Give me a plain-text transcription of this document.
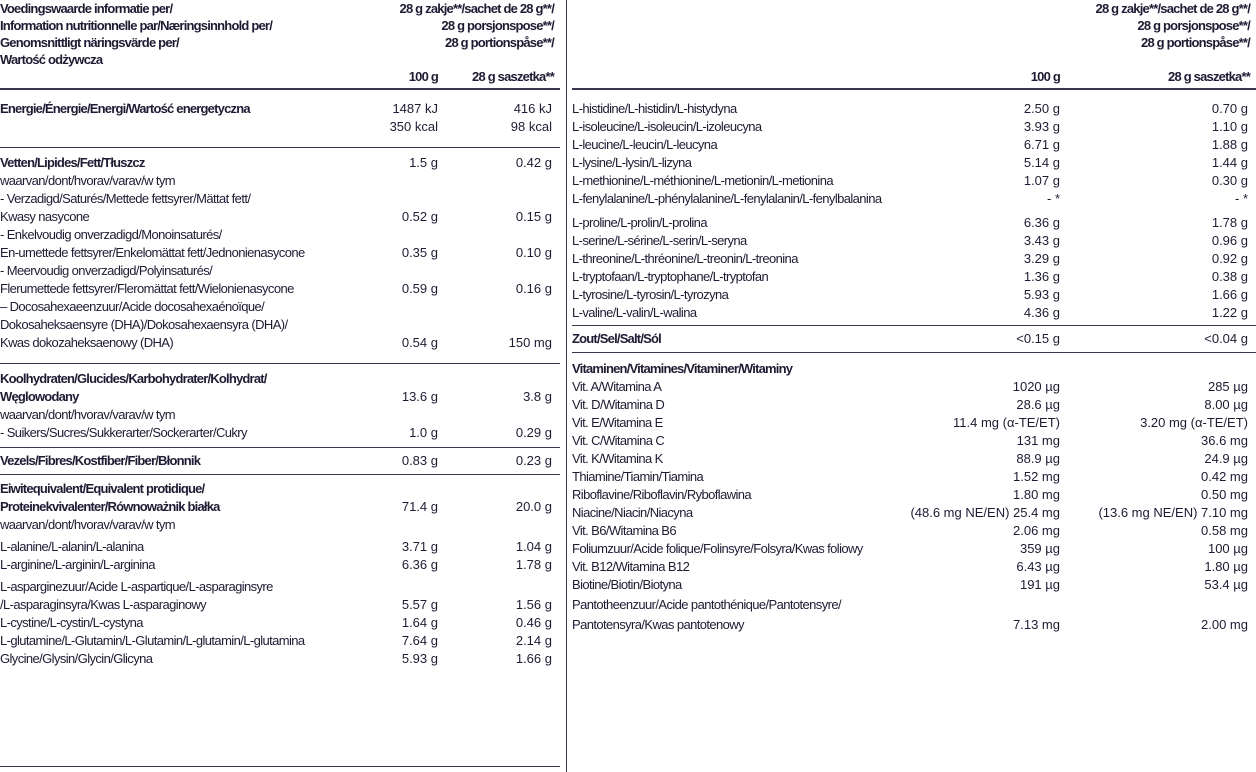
Voedingswaarde informatie per/
Information nutritionnelle par/Næringsinnhold per/
Genomsnittligt näringsvärde per/
Wartość odżywcza
28 g zakje**/sachet de 28 g**/
28 g porsjonspose**/
28 g portionspåse**/
100 g	28 g saszetka**
Energie/Énergie/Energi/Wartość energetyczna	1487 kJ	416 kJ
350 kcal	98 kcal
Vetten/Lipides/Fett/Tłuszcz	1.5 g	0.42 g
waarvan/dont/hvorav/varav/w tym
- Verzadigd/Saturés/Mettede fettsyrer/Mättat fett/
Kwasy nasycone	0.52 g	0.15 g
- Enkelvoudig onverzadigd/Monoinsaturés/
En-umettede fettsyrer/Enkelomättat fett/Jednonienasycone	0.35 g	0.10 g
- Meervoudig onverzadigd/Polyinsaturés/
Flerumettede fettsyrer/Fleromättat fett/Wielonienasycone	0.59 g	0.16 g
– Docosahexaeenzuur/Acide docosahexaénoïque/
Dokosaheksaensyre (DHA)/Dokosahexaensyra (DHA)/
Kwas dokozaheksaenowy (DHA)	0.54 g	150 mg
Koolhydraten/Glucides/Karbohydrater/Kolhydrat/
Węglowodany	13.6 g	3.8 g
waarvan/dont/hvorav/varav/w tym
- Suikers/Sucres/Sukkerarter/Sockerarter/Cukry	1.0 g	0.29 g
Vezels/Fibres/Kostfiber/Fiber/Błonnik	0.83 g	0.23 g
Eiwitequivalent/Equivalent protidique/
Proteinekvivalenter/Równoważnik białka	71.4 g	20.0 g
waarvan/dont/hvorav/varav/w tym
L-alanine/L-alanin/L-alanina	3.71 g	1.04 g
L-arginine/L-arginin/L-arginina	6.36 g	1.78 g
L-asparginezuur/Acide L-aspartique/L-asparaginsyre
/L-asparaginsyra/Kwas L-asparaginowy	5.57 g	1.56 g
L-cystine/L-cystin/L-cystyna	1.64 g	0.46 g
L-glutamine/L-Glutamin/L-Glutamin/L-glutamin/L-glutamina	7.64 g	2.14 g
Glycine/Glysin/Glycin/Glicyna	5.93 g	1.66 g
28 g zakje**/sachet de 28 g**/
28 g porsjonspose**/
28 g portionspåse**/
100 g	28 g saszetka**
L-histidine/L-histidin/L-histydyna	2.50 g	0.70 g
L-isoleucine/L-isoleucin/L-izoleucyna	3.93 g	1.10 g
L-leucine/L-leucin/L-leucyna	6.71 g	1.88 g
L-lysine/L-lysin/L-lizyna	5.14 g	1.44 g
L-methionine/L-méthionine/L-metionin/L-metionina	1.07 g	0.30 g
L-fenylalanine/L-phénylalanine/L-fenylalanin/L-fenylbalanina	- *	- *
L-proline/L-prolin/L-prolina	6.36 g	1.78 g
L-serine/L-sérine/L-serin/L-seryna	3.43 g	0.96 g
L-threonine/L-thréonine/L-treonin/L-treonina	3.29 g	0.92 g
L-tryptofaan/L-tryptophane/L-tryptofan	1.36 g	0.38 g
L-tyrosine/L-tyrosin/L-tyrozyna	5.93 g	1.66 g
L-valine/L-valin/L-walina	4.36 g	1.22 g
Zout/Sel/Salt/Sól	<0.15 g	<0.04 g
Vitaminen/Vitamines/Vitaminer/Witaminy
Vit. A/Witamina A	1020 µg	285 µg
Vit. D/Witamina D	28.6 µg	8.00 µg
Vit. E/Witamina E	11.4 mg (α-TE/ET)	3.20 mg (α-TE/ET)
Vit. C/Witamina C	131 mg	36.6 mg
Vit. K/Witamina K	88.9 µg	24.9 µg
Thiamine/Tiamin/Tiamina	1.52 mg	0.42 mg
Riboflavine/Riboflavin/Ryboflawina	1.80 mg	0.50 mg
Niacine/Niacin/Niacyna	(48.6 mg NE/EN) 25.4 mg	(13.6 mg NE/EN) 7.10 mg
Vit. B6/Witamina B6	2.06 mg	0.58 mg
Foliumzuur/Acide folique/Folinsyre/Folsyra/Kwas foliowy	359 µg	100 µg
Vit. B12/Witamina B12	6.43 µg	1.80 µg
Biotine/Biotin/Biotyna	191 µg	53.4 µg
Pantotheenzuur/Acide pantothénique/Pantotensyre/
Pantotensyra/Kwas pantotenowy	7.13 mg	2.00 mg
